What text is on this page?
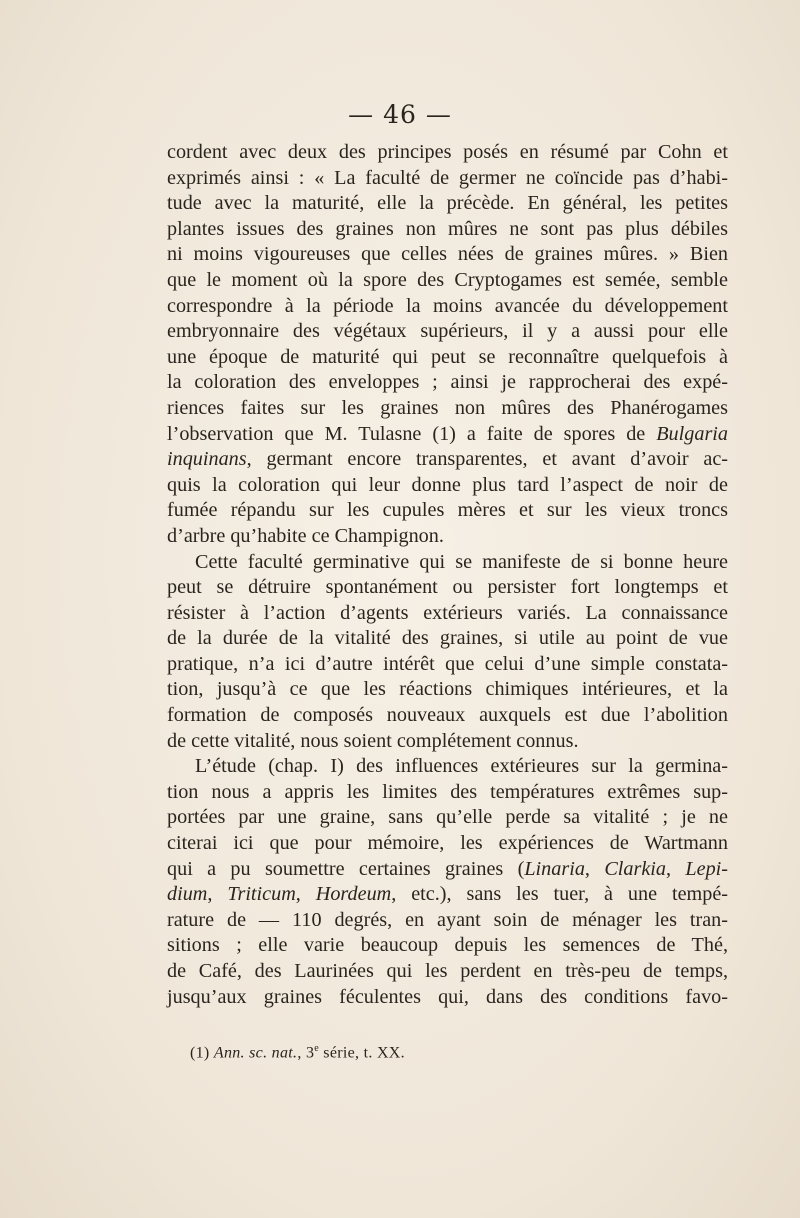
— 46 —
cordent avec deux des principes posés en résumé par Cohn et
exprimés ainsi : « La faculté de germer ne coïncide pas d’habi-
tude avec la maturité, elle la précède. En général, les petites
plantes issues des graines non mûres ne sont pas plus débiles
ni moins vigoureuses que celles nées de graines mûres. » Bien
que le moment où la spore des Cryptogames est semée, semble
correspondre à la période la moins avancée du développement
embryonnaire des végétaux supérieurs, il y a aussi pour elle
une époque de maturité qui peut se reconnaître quelquefois à
la coloration des enveloppes ; ainsi je rapprocherai des expé-
riences faites sur les graines non mûres des Phanérogames
l’observation que M. Tulasne (1) a faite de spores de Bulgaria
inquinans, germant encore transparentes, et avant d’avoir ac-
quis la coloration qui leur donne plus tard l’aspect de noir de
fumée répandu sur les cupules mères et sur les vieux troncs
d’arbre qu’habite ce Champignon.
Cette faculté germinative qui se manifeste de si bonne heure
peut se détruire spontanément ou persister fort longtemps et
résister à l’action d’agents extérieurs variés. La connaissance
de la durée de la vitalité des graines, si utile au point de vue
pratique, n’a ici d’autre intérêt que celui d’une simple constata-
tion, jusqu’à ce que les réactions chimiques intérieures, et la
formation de composés nouveaux auxquels est due l’abolition
de cette vitalité, nous soient complétement connus.
L’étude (chap. I) des influences extérieures sur la germina-
tion nous a appris les limites des températures extrêmes sup-
portées par une graine, sans qu’elle perde sa vitalité ; je ne
citerai ici que pour mémoire, les expériences de Wartmann
qui a pu soumettre certaines graines (Linaria, Clarkia, Lepi-
dium, Triticum, Hordeum, etc.), sans les tuer, à une tempé-
rature de — 110 degrés, en ayant soin de ménager les tran-
sitions ; elle varie beaucoup depuis les semences de Thé,
de Café, des Laurinées qui les perdent en très-peu de temps,
jusqu’aux graines féculentes qui, dans des conditions favo-
(1) Ann. sc. nat., 3e série, t. XX.
